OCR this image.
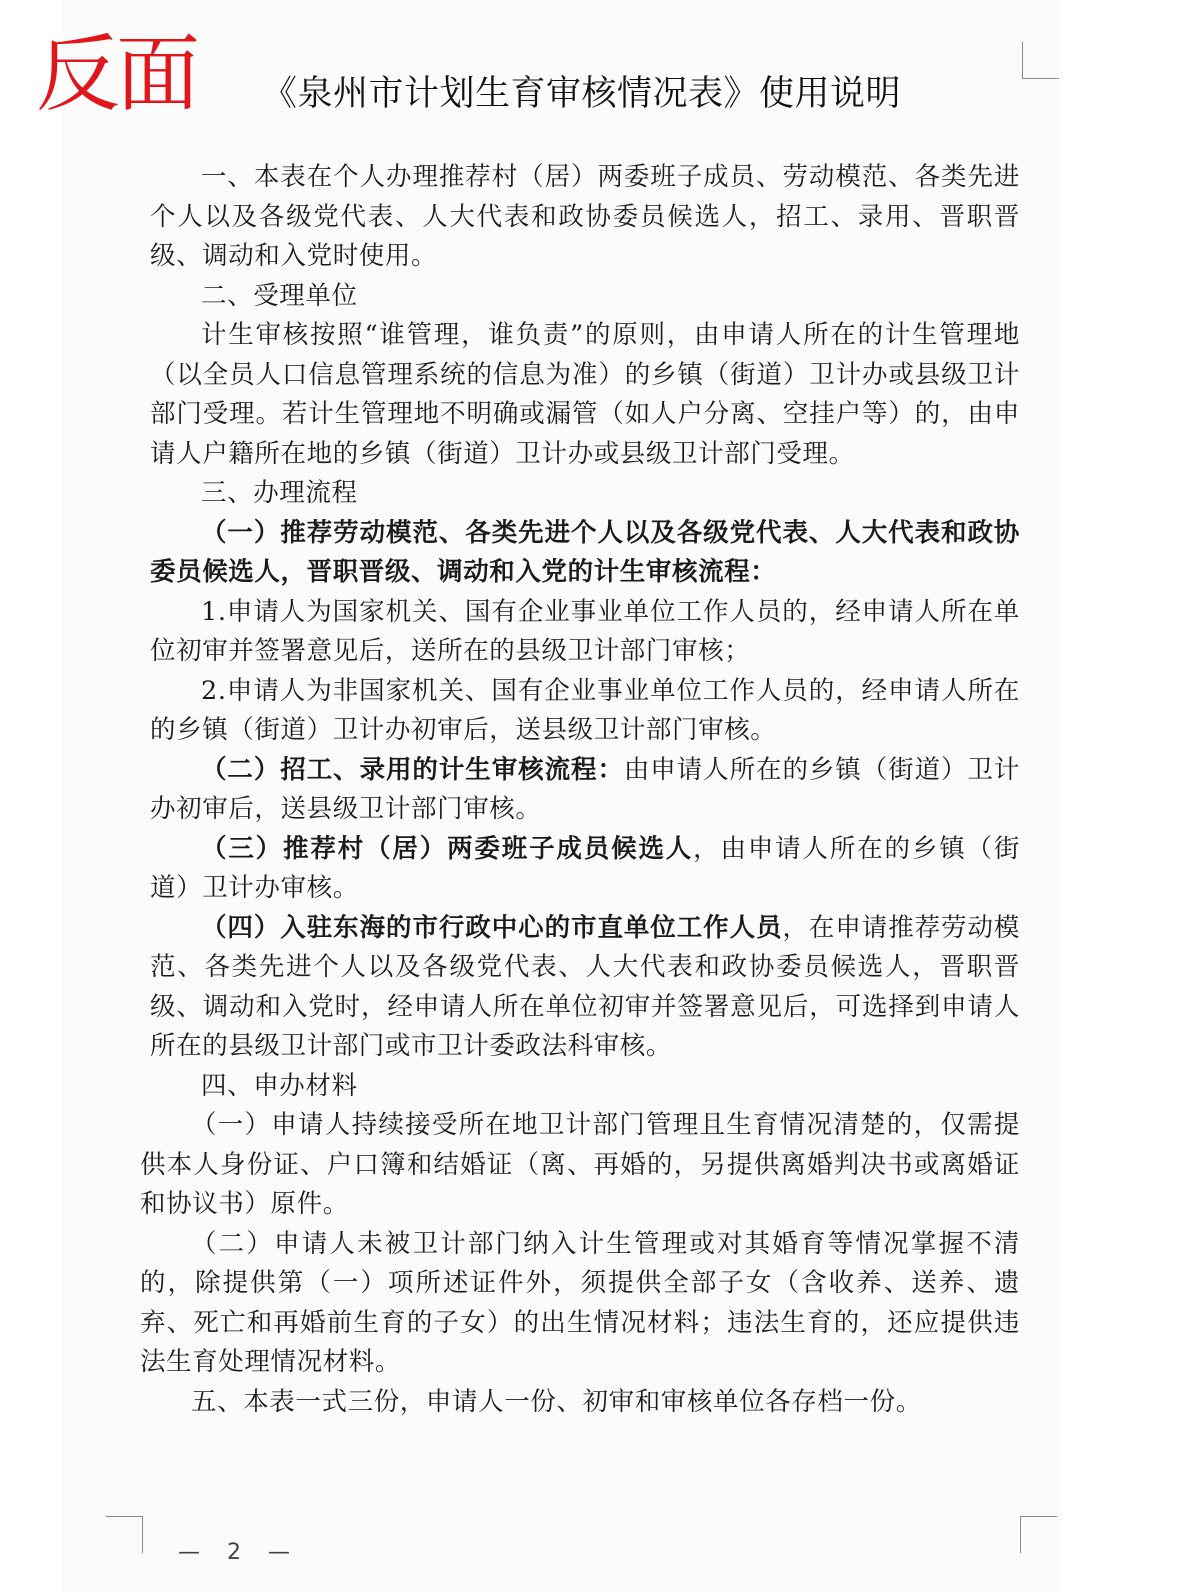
反面 《泉州市计划生育审核情况表》使用说明

一、本表在个人办理推荐村（居）两委班子成员、劳动模范、各类先进个人以及各级党代表、人大代表和政协委员候选人，招工、录用、晋职晋级、调动和入党时使用。

二、受理单位

计生审核按照“谁管理，谁负责”的原则，由申请人所在的计生管理地（以全员人口信息管理系统的信息为准）的乡镇（街道）卫计办或县级卫计部门受理。若计生管理地不明确或漏管（如人户分离、空挂户等）的，由申请人户籍所在地的乡镇（街道）卫计办或县级卫计部门受理。

三、办理流程

（一）推荐劳动模范、各类先进个人以及各级党代表、人大代表和政协委员候选人，晋职晋级、调动和入党的计生审核流程：

1.申请人为国家机关、国有企业事业单位工作人员的，经申请人所在单位初审并签署意见后，送所在的县级卫计部门审核；

2.申请人为非国家机关、国有企业事业单位工作人员的，经申请人所在的乡镇（街道）卫计办初审后，送县级卫计部门审核。

（二）招工、录用的计生审核流程：由申请人所在的乡镇（街道）卫计办初审后，送县级卫计部门审核。

（三）推荐村（居）两委班子成员候选人，由申请人所在的乡镇（街道）卫计办审核。

（四）入驻东海的市行政中心的市直单位工作人员，在申请推荐劳动模范、各类先进个人以及各级党代表、人大代表和政协委员候选人，晋职晋级、调动和入党时，经申请人所在单位初审并签署意见后，可选择到申请人所在的县级卫计部门或市卫计委政法科审核。

四、申办材料

（一）申请人持续接受所在地卫计部门管理且生育情况清楚的，仅需提供本人身份证、户口簿和结婚证（离、再婚的，另提供离婚判决书或离婚证和协议书）原件。

（二）申请人未被卫计部门纳入计生管理或对其婚育等情况掌握不清的，除提供第（一）项所述证件外，须提供全部子女（含收养、送养、遗弃、死亡和再婚前生育的子女）的出生情况材料；违法生育的，还应提供违法生育处理情况材料。

五、本表一式三份，申请人一份、初审和审核单位各存档一份。

— 2 —
